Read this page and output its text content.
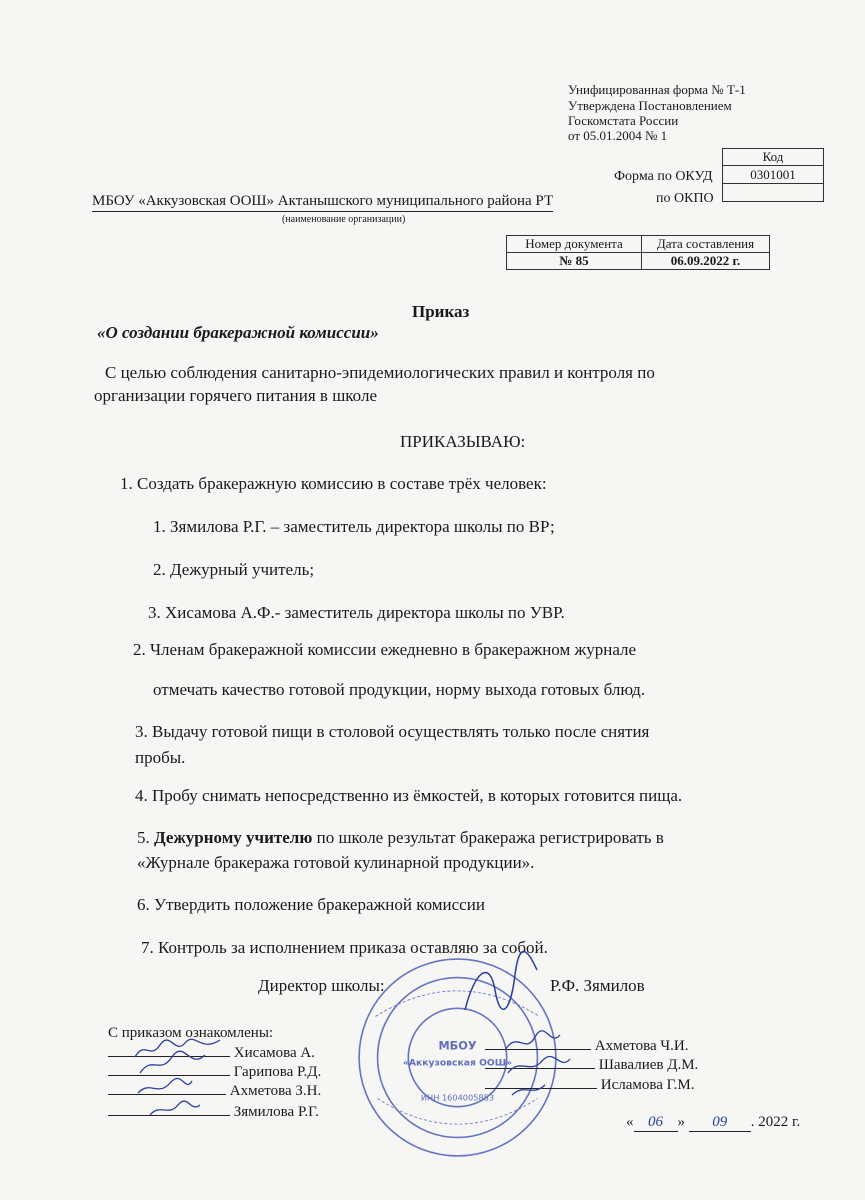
Унифицированная форма № Т-1
Утверждена Постановлением
Госкомстата России
от 05.01.2004 № 1
Код
0301001

Форма по ОКУД
по ОКПО
МБОУ «Аккузовская ООШ» Актанышского муниципального района РТ
(наименование организации)
Номер документа	Дата составления
№ 85	06.09.2022 г.
Приказ
«О создании бракеражной комиссии»
С целью соблюдения санитарно-эпидемиологических правил и контроля по
организации горячего питания в школе
ПРИКАЗЫВАЮ:
1. Создать бракеражную комиссию в составе трёх человек:
1. Зямилова Р.Г. – заместитель директора школы по ВР;
2. Дежурный учитель;
3. Хисамова А.Ф.- заместитель директора школы по УВР.
2. Членам бракеражной комиссии ежедневно в бракеражном журнале
отмечать качество готовой продукции, норму выхода готовых блюд.
3. Выдачу готовой пищи в столовой осуществлять только после снятия
пробы.
4. Пробу снимать непосредственно из ёмкостей, в которых готовится пища.
5. Дежурному учителю по школе результат бракеража регистрировать в
«Журнале бракеража готовой кулинарной продукции».
6. Утвердить положение бракеражной комиссии
7. Контроль за исполнением приказа оставляю за собой.
Директор школы:	Р.Ф. Зямилов
МБОУ
«Аккузовская ООШ»
ИНН 1604005853
С приказом ознакомлены:
Хисамова А.
Гарипова Р.Д.
Ахметова З.Н.
Зямилова Р.Г.
Ахметова Ч.И.
Шавалиев Д.М.
Исламова Г.М.
« 06 » 09 . 2022 г.
